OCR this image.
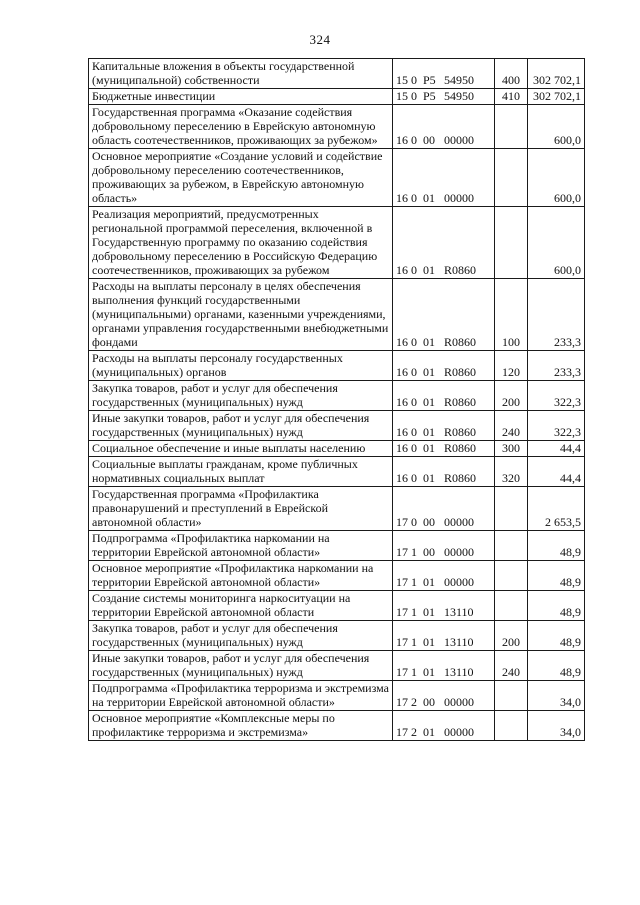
324
Капитальные вложения в объекты государственной (муниципальной) собственности	15 0 P5 54950	400	302 702,1
Бюджетные инвестиции	15 0 P5 54950	410	302 702,1
Государственная программа «Оказание содействия добровольному переселению в Еврейскую автономную область соотечественников, проживающих за рубежом»	16 0 00 00000		600,0
Основное мероприятие «Создание условий и содействие добровольному переселению соотечественников, проживающих за рубежом, в Еврейскую автономную область»	16 0 01 00000		600,0
Реализация мероприятий, предусмотренных региональной программой переселения, включенной в Государственную программу по оказанию содействия добровольному переселению в Российскую Федерацию соотечественников, проживающих за рубежом	16 0 01 R0860		600,0
Расходы на выплаты персоналу в целях обеспечения выполнения функций государственными (муниципальными) органами, казенными учреждениями, органами управления государственными внебюджетными фондами	16 0 01 R0860	100	233,3
Расходы на выплаты персоналу государственных (муниципальных) органов	16 0 01 R0860	120	233,3
Закупка товаров, работ и услуг для обеспечения государственных (муниципальных) нужд	16 0 01 R0860	200	322,3
Иные закупки товаров, работ и услуг для обеспечения государственных (муниципальных) нужд	16 0 01 R0860	240	322,3
Социальное обеспечение и иные выплаты населению	16 0 01 R0860	300	44,4
Социальные выплаты гражданам, кроме публичных нормативных социальных выплат	16 0 01 R0860	320	44,4
Государственная программа «Профилактика правонарушений и преступлений в Еврейской автономной области»	17 0 00 00000		2 653,5
Подпрограмма «Профилактика наркомании на территории Еврейской автономной области»	17 1 00 00000		48,9
Основное мероприятие «Профилактика наркомании на территории Еврейской автономной области»	17 1 01 00000		48,9
Создание системы мониторинга наркоситуации на территории Еврейской автономной области	17 1 01 13110		48,9
Закупка товаров, работ и услуг для обеспечения государственных (муниципальных) нужд	17 1 01 13110	200	48,9
Иные закупки товаров, работ и услуг для обеспечения государственных (муниципальных) нужд	17 1 01 13110	240	48,9
Подпрограмма «Профилактика терроризма и экстремизма на территории Еврейской автономной области»	17 2 00 00000		34,0
Основное мероприятие «Комплексные меры по профилактике терроризма и экстремизма»	17 2 01 00000		34,0
